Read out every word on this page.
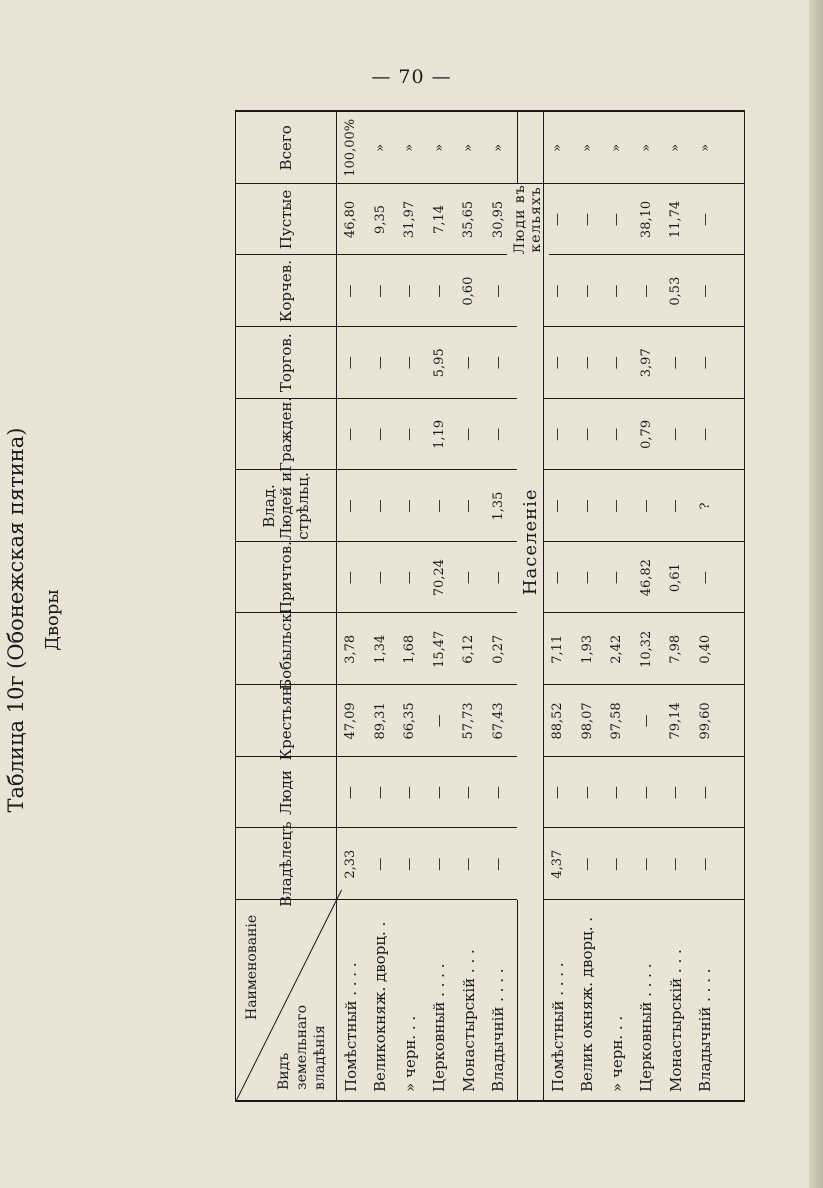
— 70 —
Таблица 10г (Обонежская пятина) Дворы
Наименованіе
Видъ земельнаго владѣнія
Владѣлецъ
Люди
Крестьян.
Бобыльск.
Причтов.
Влад. Людей и стрѣльц.
Гражден.
Торгов.
Корчев.
Пустые
Всего
Помѣстный . . . .
2,33
—
47,09
3,78
—
—
—
—
—
46,80
100,00%
Великокняж. дворц. .
—
—
89,31
1,34
—
—
—
—
—
9,35
»
» черн. . .
—
—
66,35
1,68
—
—
—
—
—
31,97
»
Церковный . . . .
—
—
—
15,47
70,24
—
1,19
5,95
—
7,14
»
Монастырскій . . .
—
—
57,73
6,12
—
—
—
—
0,60
35,65
»
Владычній . . . .
—
—
67,43
0,27
—
1,35
—
—
—
30,95
»
Населеніе
Люди въ кельяхъ
Помѣстный . . . .
4,37
—
88,52
7,11
—
—
—
—
—
—
»
Велик окняж. дворц. .
—
—
98,07
1,93
—
—
—
—
—
—
»
» черн. . .
—
—
97,58
2,42
—
—
—
—
—
—
»
Церковный . . . .
—
—
—
10,32
46,82
—
0,79
3,97
—
38,10
»
Монастырскій . . .
—
—
79,14
7,98
0,61
—
—
—
0,53
11,74
»
Владычній . . . .
—
—
99,60
0,40
—
?
—
—
—
—
»
